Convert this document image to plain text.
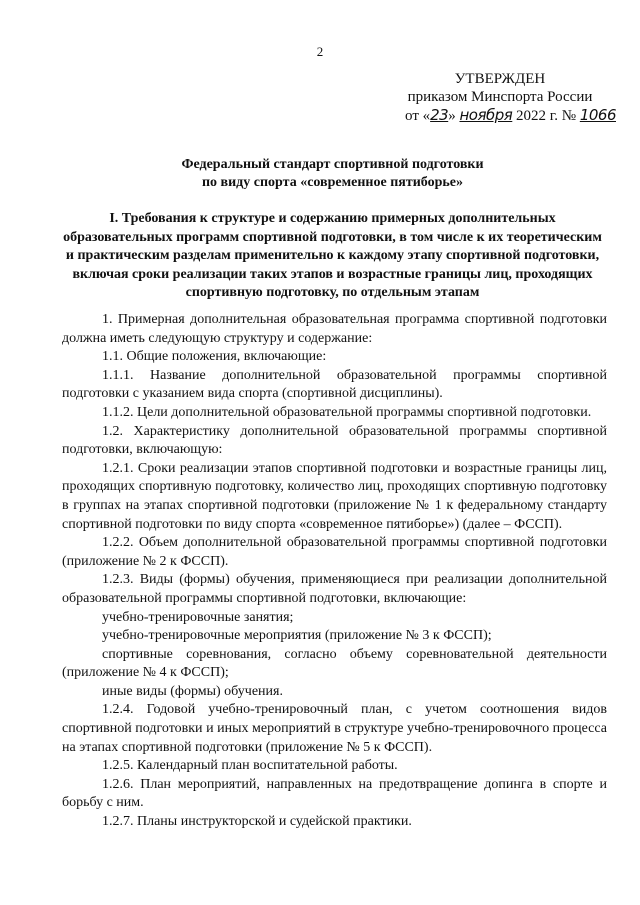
2
УТВЕРЖДЕН
приказом Минспорта России
от «23» ноября 2022 г. № 1066
Федеральный стандарт спортивной подготовки
по виду спорта «современное пятиборье»
I. Требования к структуре и содержанию примерных дополнительных образовательных программ спортивной подготовки, в том числе к их теоретическим и практическим разделам применительно к каждому этапу спортивной подготовки, включая сроки реализации таких этапов и возрастные границы лиц, проходящих спортивную подготовку, по отдельным этапам

1. Примерная дополнительная образовательная программа спортивной подготовки должна иметь следующую структуру и содержание:

1.1. Общие положения, включающие:

1.1.1. Название дополнительной образовательной программы спортивной подготовки с указанием вида спорта (спортивной дисциплины).

1.1.2. Цели дополнительной образовательной программы спортивной подготовки.

1.2. Характеристику дополнительной образовательной программы спортивной подготовки, включающую:

1.2.1. Сроки реализации этапов спортивной подготовки и возрастные границы лиц, проходящих спортивную подготовку, количество лиц, проходящих спортивную подготовку в группах на этапах спортивной подготовки (приложение № 1 к федеральному стандарту спортивной подготовки по виду спорта «современное пятиборье») (далее – ФССП).

1.2.2. Объем дополнительной образовательной программы спортивной подготовки (приложение № 2 к ФССП).

1.2.3. Виды (формы) обучения, применяющиеся при реализации дополнительной образовательной программы спортивной подготовки, включающие:

учебно-тренировочные занятия;

учебно-тренировочные мероприятия (приложение № 3 к ФССП);

спортивные соревнования, согласно объему соревновательной деятельности (приложение № 4 к ФССП);

иные виды (формы) обучения.

1.2.4. Годовой учебно-тренировочный план, с учетом соотношения видов спортивной подготовки и иных мероприятий в структуре учебно-тренировочного процесса на этапах спортивной подготовки (приложение № 5 к ФССП).

1.2.5. Календарный план воспитательной работы.

1.2.6. План мероприятий, направленных на предотвращение допинга в спорте и борьбу с ним.

1.2.7. Планы инструкторской и судейской практики.
